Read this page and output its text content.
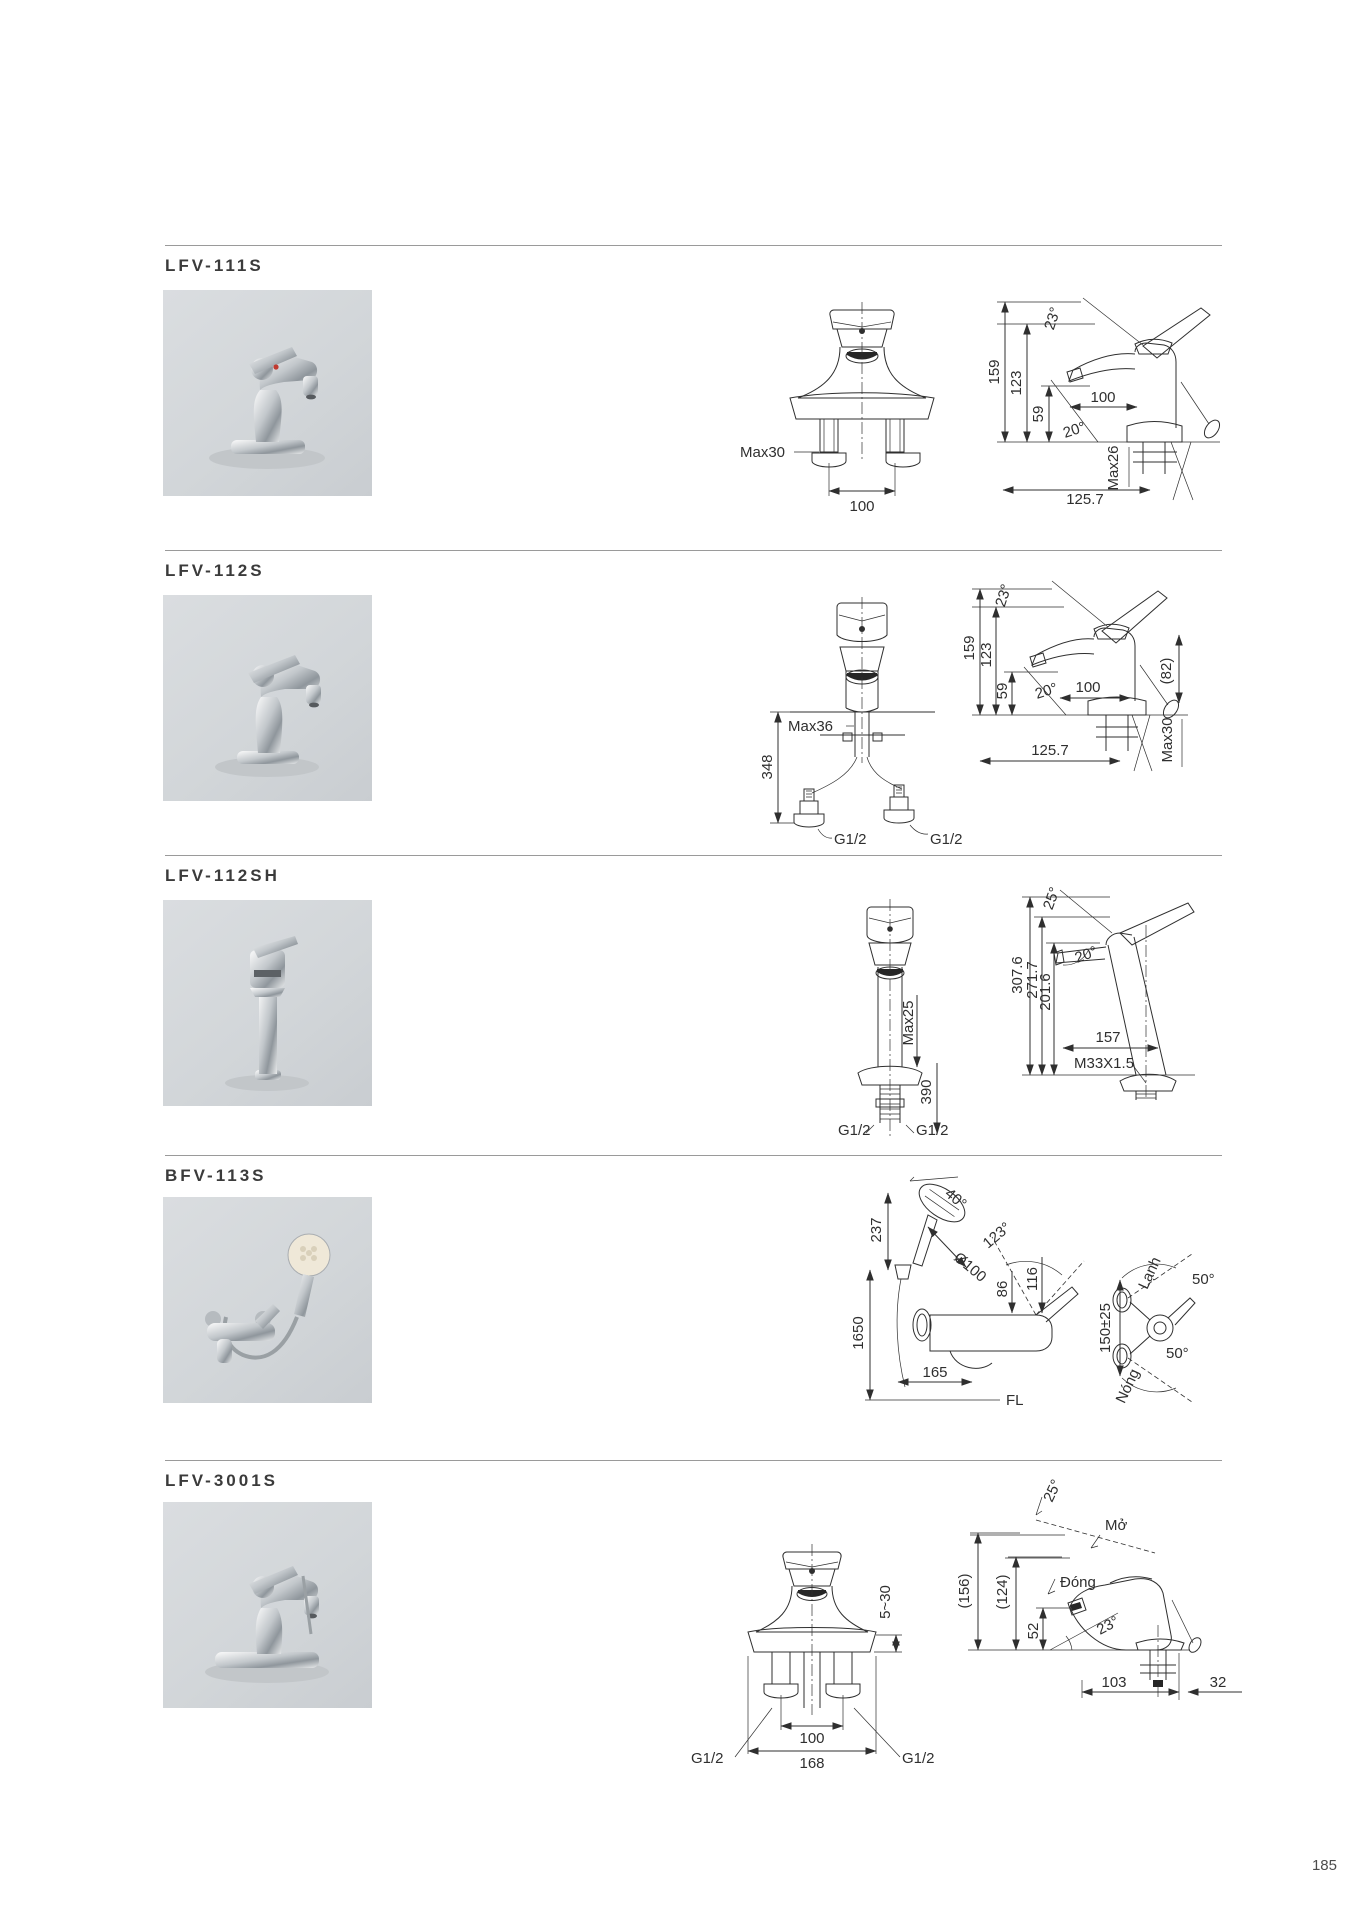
LFV-111S
Max30
100
159 123
59
23°
100
20°
Max26
125.7
LFV-112S
Max36
348
G1/2	G1/2
159 123
59
23°
20° 100
(82)
Max30
125.7
LFV-112SH
Max25
390
G1/2	G1/2
307.6
271.7
201.6
25°
20°
157
M33X1.5
BFV-113S
237
40°
Ø100
1650
123°
86 116
165
FL
150±25
Lạnh 50°
50°
Nóng
LFV-3001S
5~30
100
168
G1/2	G1/2
(156) (124)
52
25°
Mở
Đóng
23°
103	32
185
